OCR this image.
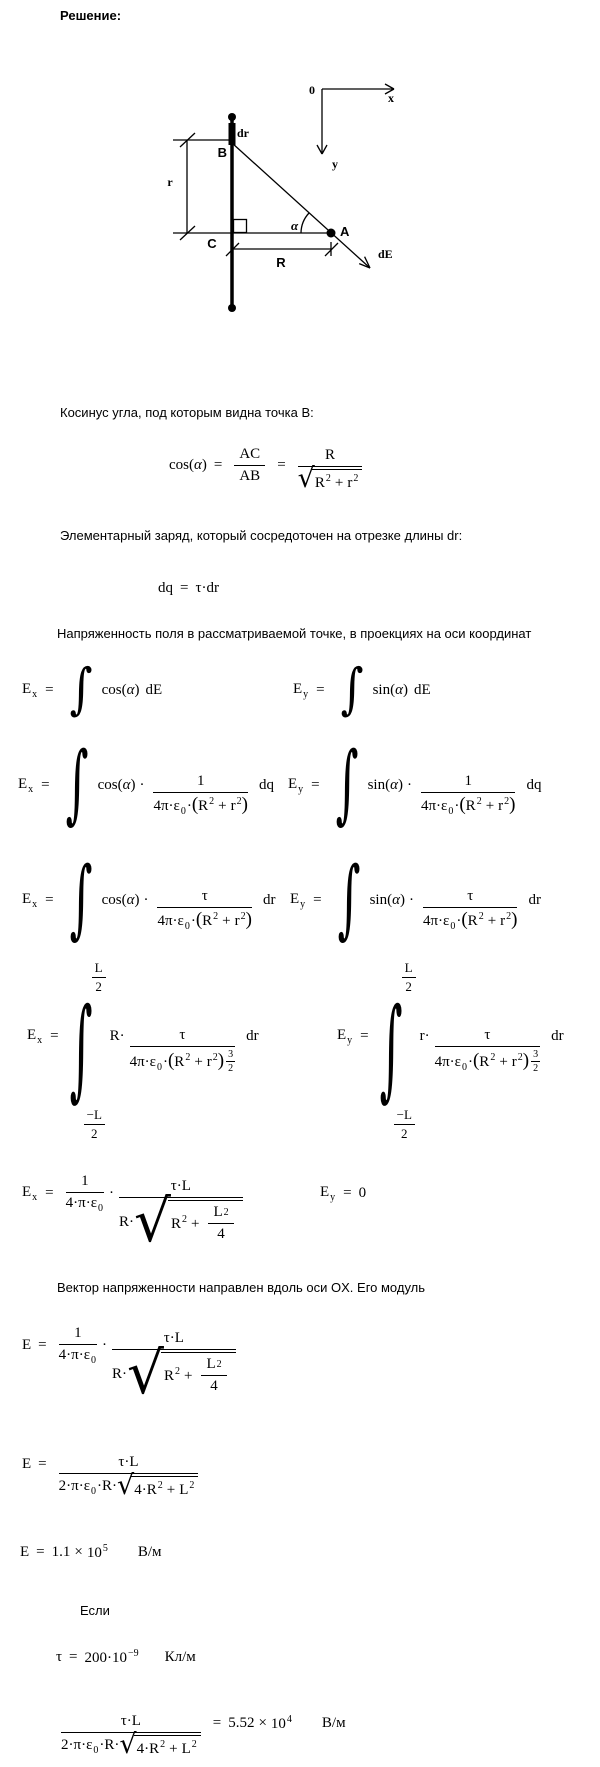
Решение:
0
x
y
dr
B
r
C
R
A
dE
α
Косинус угла, под которым видна точка B:
$\cos(\alpha) = \frac{AC}{AB} = \frac{R}{√ R^2 + r^2}$
Элементарный заряд, который сосредоточен на отрезке длины dr:
dq = τ·dr
Напряженность поля в рассматриваемой точке, в проекциях на оси координат
$E_x$ = ∫ cos(α) dE	$E_y$ = ∫ sin(α) dE
$E_x$ = ∫ $\cos(\alpha) \cdot \frac{1}{4\pi\cdot\varepsilon_0\cdot(R^2 + r^2)}$ dq $E_y$ = ∫ $\sin(\alpha) \cdot \frac{1}{4\pi\cdot\varepsilon_0\cdot(R^2 + r^2)}$ dq
$E_x$ = ∫ $\cos(\alpha) \cdot \frac{\tau}{4\pi\cdot\varepsilon_0\cdot(R^2 + r^2)}$ dr $E_y$ = ∫ $\sin(\alpha) \cdot \frac{\tau}{4\pi\cdot\varepsilon_0\cdot(R^2 + r^2)}$ dr
$E_x$ =
$\frac{L}{2}$
∫
$\frac{-L}{2}$
$R\cdot \frac{\tau}{4\pi\cdot\varepsilon_0\cdot(R^2 + r^2) \frac{3}{2}}$ dr	$E_y$ =
$\frac{L}{2}$
∫
$\frac{-L}{2}$
$r\cdot \frac{\tau}{4\pi\cdot\varepsilon_0\cdot(R^2 + r^2) \frac{3}{2}}$ dr
$E_x = \frac{1}{4\cdot\pi\cdot\varepsilon_0} \cdot \frac{\tau\cdot L}{R\cdot √ R^2 + \frac{L 2}{4}}$	$E_y = 0$
Вектор напряженности направлен вдоль оси OX. Его модуль
$E = \frac{1}{4\cdot\pi\cdot\varepsilon_0} \cdot \frac{\tau\cdot L}{R\cdot √ R^2 + \frac{L 2}{4}}$
$E = \frac{\tau\cdot L}{2\cdot\pi\cdot\varepsilon_0\cdot R\cdot √ 4\cdot R^2 + L^2}$
$E = 1.1 \times 10^5$ В/м
Если
$\tau = 200\cdot 10^{-9}$ Кл/м
$\frac{\tau\cdot L}{2\cdot\pi\cdot\varepsilon_0\cdot R\cdot √ 4\cdot R^2 + L^2} = 5.52 \times 10^4$ В/м
